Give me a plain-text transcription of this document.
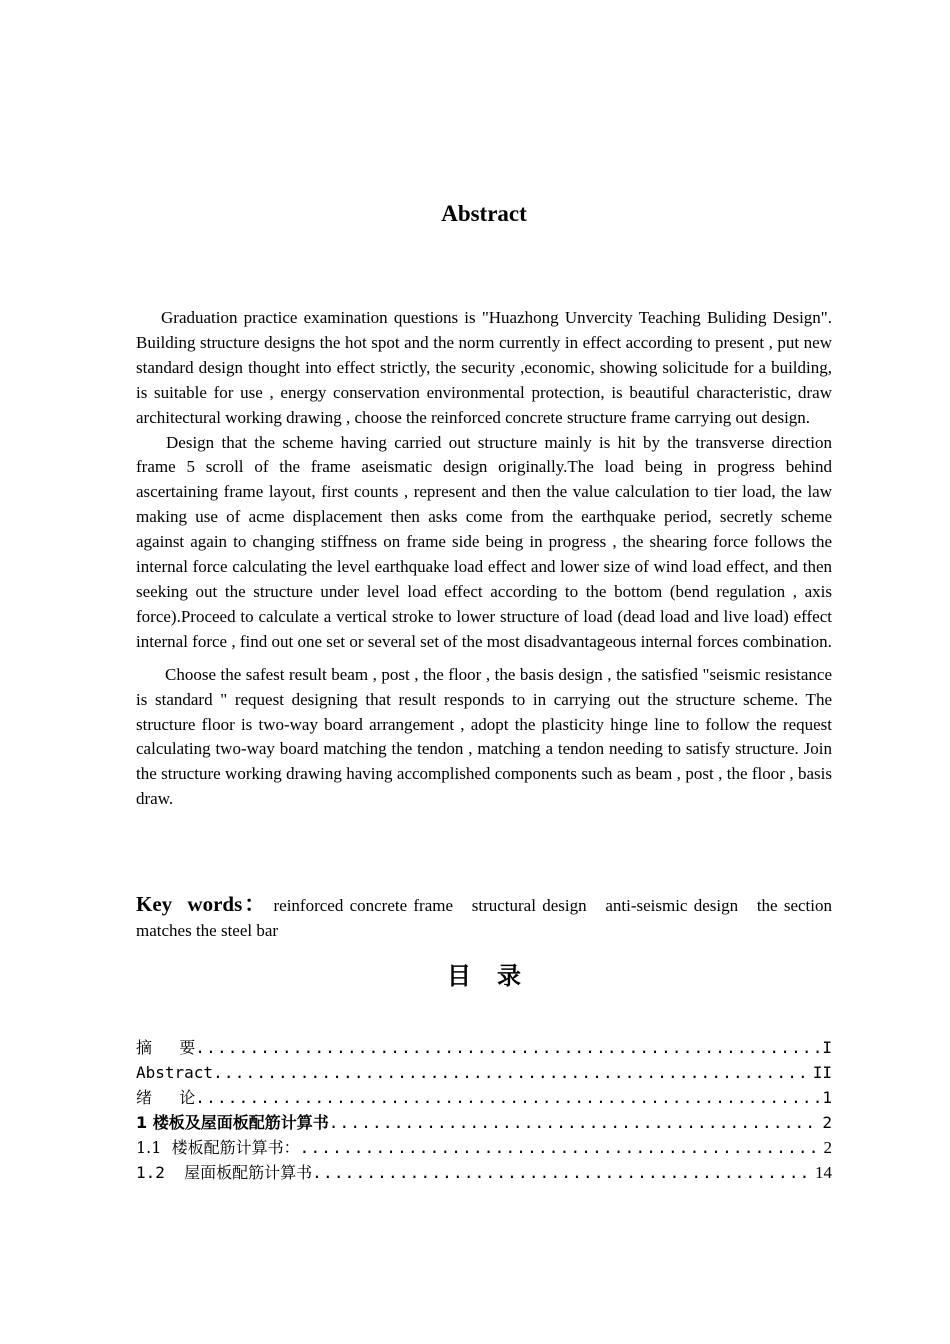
Abstract

Graduation practice examination questions is "Huazhong Unvercity Teaching Buliding Design". Building structure designs the hot spot and the norm currently in effect according to present , put new standard design thought into effect strictly, the security ,economic, showing solicitude for a building, is suitable for use , energy conservation environmental protection, is beautiful characteristic, draw architectural working drawing , choose the reinforced concrete structure frame carrying out design.

Design that the scheme having carried out structure mainly is hit by the transverse direction frame 5 scroll of the frame aseismatic design originally.The load being in progress behind ascertaining frame layout, first counts , represent and then the value calculation to tier load, the law making use of acme displacement then asks come from the earthquake period, secretly scheme against again to changing stiffness on frame side being in progress , the shearing force follows the internal force calculating the level earthquake load effect and lower size of wind load effect, and then seeking out the structure under level load effect according to the bottom (bend regulation , axis force).Proceed to calculate a vertical stroke to lower structure of load (dead load and live load) effect internal force , find out one set or several set of the most disadvantageous internal forces combination.

Choose the safest result beam , post , the floor , the basis design , the satisfied "seismic resistance is standard " request designing that result responds to in carrying out the structure scheme. The structure floor is two-way board arrangement , adopt the plasticity hinge line to follow the request calculating two-way board matching the tendon , matching a tendon needing to satisfy structure. Join the structure working drawing having accomplished components such as beam , post , the floor , basis draw.

Key words： reinforced concrete frame   structural design   anti-seismic design   the section matches the steel bar
目录
摘  要 .....	I
Abstract .....	II
绪  论 .....	1
1 楼板及屋面板配筋计算书 .....	2
1.1  楼板配筋计算书： .....	2
1.2  屋面板配筋计算书 .....	14
